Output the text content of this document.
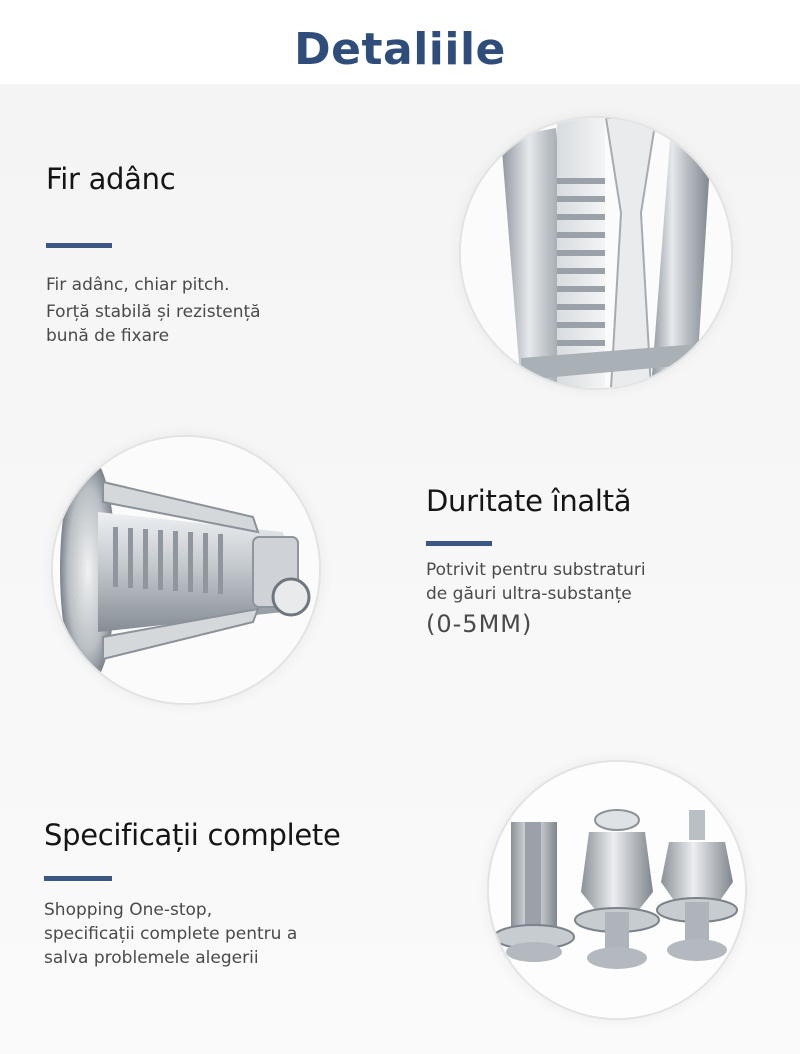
Detaliile
Fir adânc
Fir adânc, chiar pitch.
Forță stabilă și rezistență
bună de fixare
Duritate înaltă
Potrivit pentru substraturi
de găuri ultra-substanțe
(0-5MM)
Specificații complete
Shopping One-stop,
specificații complete pentru a
salva problemele alegerii
